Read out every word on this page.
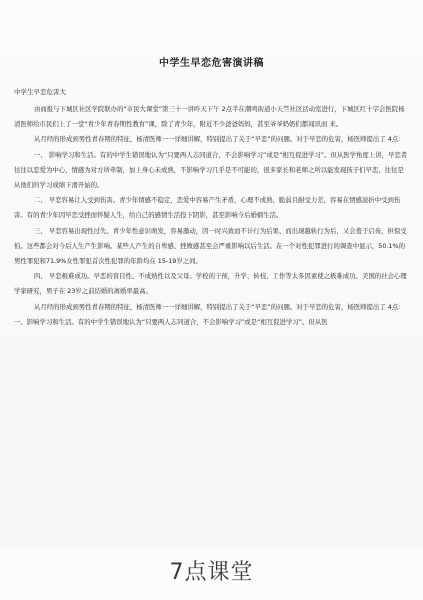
中学生早恋危害演讲稿
中学生早恋危害大

由商报与下城区社区学院联办的“市民大课堂”第三十一讲昨天下午 2点半在潮鸣街道小天竺社区活动室进行，下城区红十字会医院杨清医师给市民们上了一堂“青少年青春期性教育”课，除了青少年，附近不少爸爸妈妈，甚至爷爷奶奶们都闻讯而 来。

从月经的形成到男性青春期的特征，杨清医师一一详细讲解，特别提出了关于“早恋”的问题。对于早恋的危害，杨医师提出了 4点：

一、 影响学习和生活。有的中学生错误地认为“只要两人志同道合，不会影响学习”或是“相互促进学习”。但从医学角度上讲，早恋者往往以恋爱为中心，情感为对方所牵制，加上身心未成熟，不影响学习几乎是不可能的，很多家长和老师之所以能发现孩子们早恋，往往是从他们的学习成绩下滑开始的。

二、 早恋容易让人受到伤害。青少年情感不稳定，恋爱中容易产生矛盾，心理不成熟、脆弱且耐受力差，容易在情感波折中受到伤害。有的青少年因早恋受挫而怀疑人生，给自己的感情生活投下阴影，甚至影响今后婚姻生活。

三、 早恋容易出现性过失。青少年性意识萌发，容易激动，因一时兴致而不计行为后果、而出现越轨行为后，又会羞于启齿，担惊受怕。这些都会对今后人生产生影响。某些人产生的自卑感、挫败感甚至会严重影响以后生活。在一个对性犯罪进行的调查中显示，50.1%的男性罪犯和71.9%女性罪犯首次性犯罪的年龄均在 15-19岁之间。

四、 早恋极难成功。早恋的盲目性、不成熟性以及父母、学校的干预，升学、转校、工作等太多因素使之极难成功。美国的社会心理学家研究，男子在 23岁之前结婚的离婚率最高。

从月经的形成到男性青春期的特征，杨清医师一一详细讲解，特别提出了关于“早恋”的问题。对于早恋的危害，杨医师提出了 4点：一、影响学习和生活。有的中学生错误地认为“只要两人志同道合，不会影响学习”或是“相互促进学习”。但从医

7点课堂
